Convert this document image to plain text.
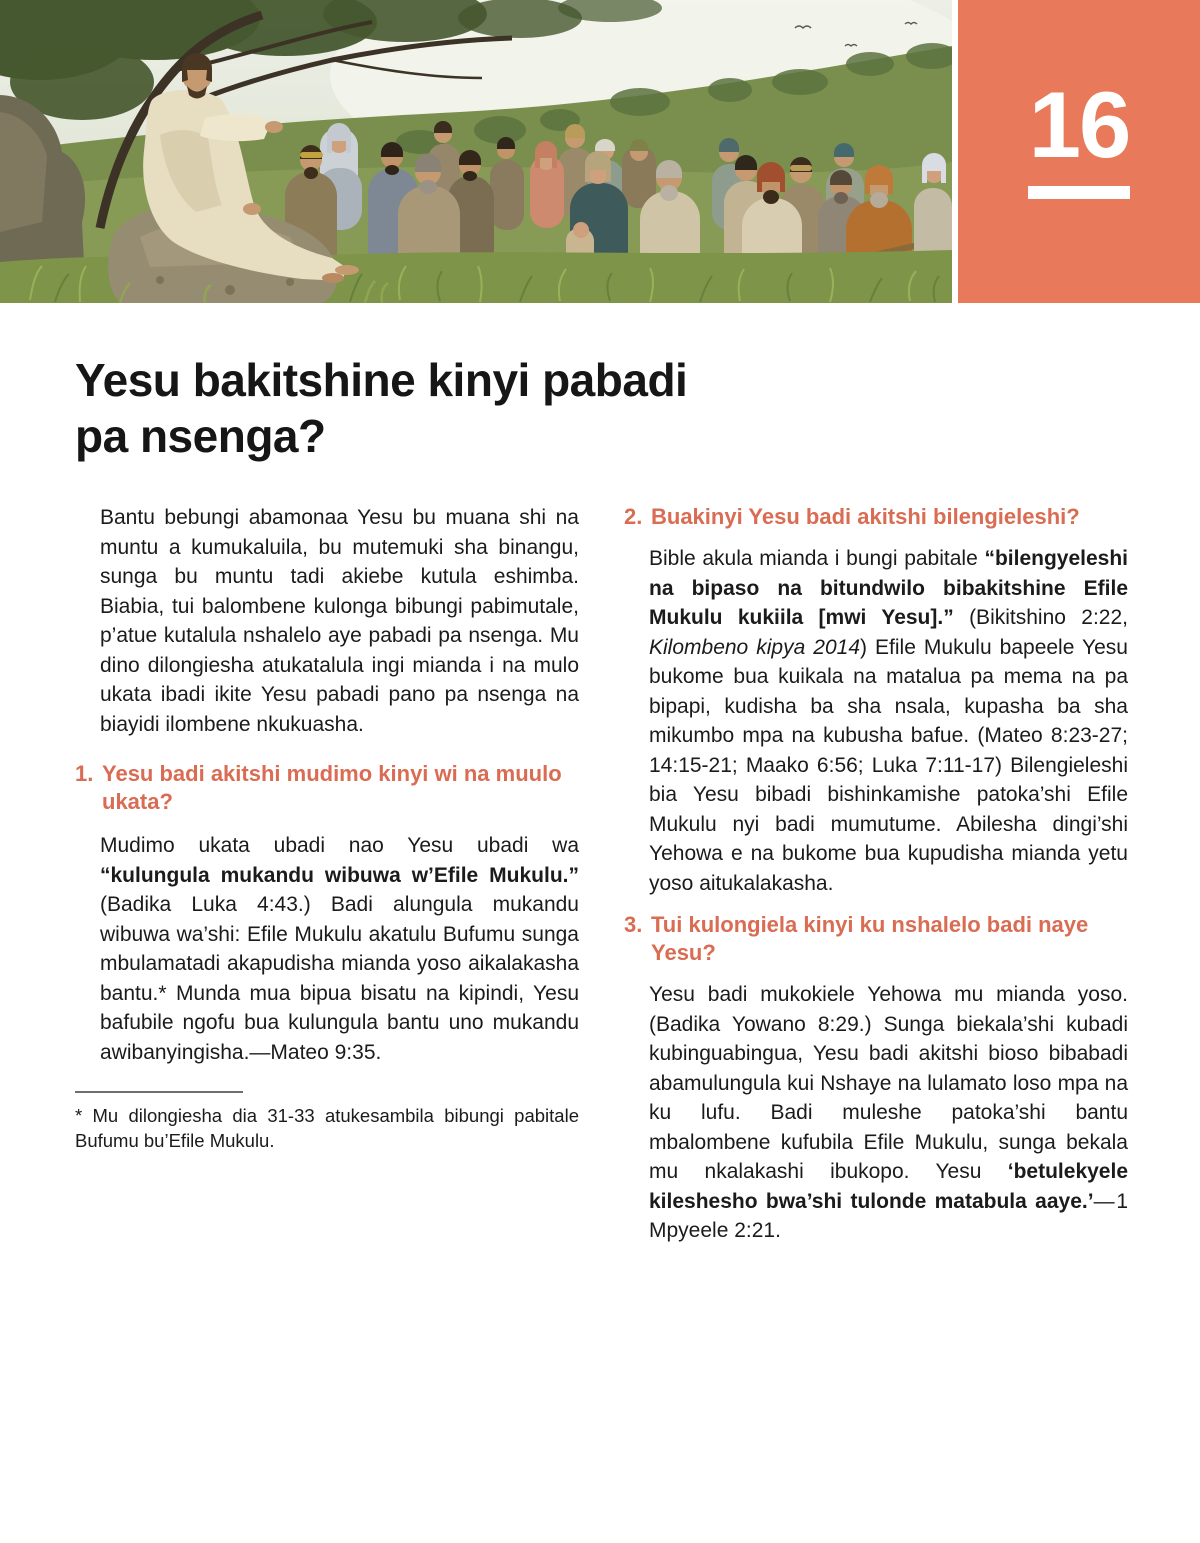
16
Yesu bakitshine kinyi pabadi pa nsenga?

Bantu bebungi abamonaa Yesu bu muana shi na muntu a kumukaluila, bu mutemuki sha binangu, sunga bu muntu tadi akiebe kutula eshimba. Biabia, tui balombene kulonga bibungi pabimutale, p’atue kutalula nshalelo aye pabadi pa nsenga. Mu dino dilongiesha atukatalula ingi mianda i na mulo ukata ibadi ikite Yesu pabadi pano pa nsenga na biayidi ilombene nkukuasha.

1. Yesu badi akitshi mudimo kinyi wi na muulo ukata?

Mudimo ukata ubadi nao Yesu ubadi wa “kulungula mukandu wibuwa w’Efile Mukulu.” (Badika Luka 4:43.) Badi alungula mukandu wibuwa wa’shi: Efile Mukulu akatulu Bufumu sunga mbulamatadi akapudisha mianda yoso aikalakasha bantu.* Munda mua bipua bisatu na kipindi, Yesu bafubile ngofu bua kulungula bantu uno mukandu awibanyingisha.—Mateo 9:35.

* Mu dilongiesha dia 31-33 atukesambila bibungi pabitale Bufumu bu’Efile Mukulu.

2. Buakinyi Yesu badi akitshi bilengieleshi?

Bible akula mianda i bungi pabitale “bilengyeleshi na bipaso na bitundwilo bibakitshine Efile Mukulu kukiila [mwi Yesu].” (Bikitshino 2:22, Kilombeno kipya 2014) Efile Mukulu bapeele Yesu bukome bua kuikala na matalua pa mema na pa bipapi, kudisha ba sha nsala, kupasha ba sha mikumbo mpa na kubusha bafue. (Mateo 8:23-27; 14:15-21; Maako 6:56; Luka 7:11-17) Bilengieleshi bia Yesu bibadi bishinkamishe patoka’shi Efile Mukulu nyi badi mumutume. Abilesha dingi’shi Yehowa e na bukome bua kupudisha mianda yetu yoso aitukalakasha.

3. Tui kulongiela kinyi ku nshalelo badi naye Yesu?

Yesu badi mukokiele Yehowa mu mianda yoso. (Badika Yowano 8:29.) Sunga biekala’shi kubadi kubinguabingua, Yesu badi akitshi bioso bibabadi abamulungula kui Nshaye na lulamato loso mpa na ku lufu. Badi muleshe patoka’shi bantu mbalombene kufubila Efile Mukulu, sunga bekala mu nkalakashi ibukopo. Yesu ‘betulekyele kileshesho bwa’shi tulonde matabula aaye.’— 1 Mpyeele 2:21.
